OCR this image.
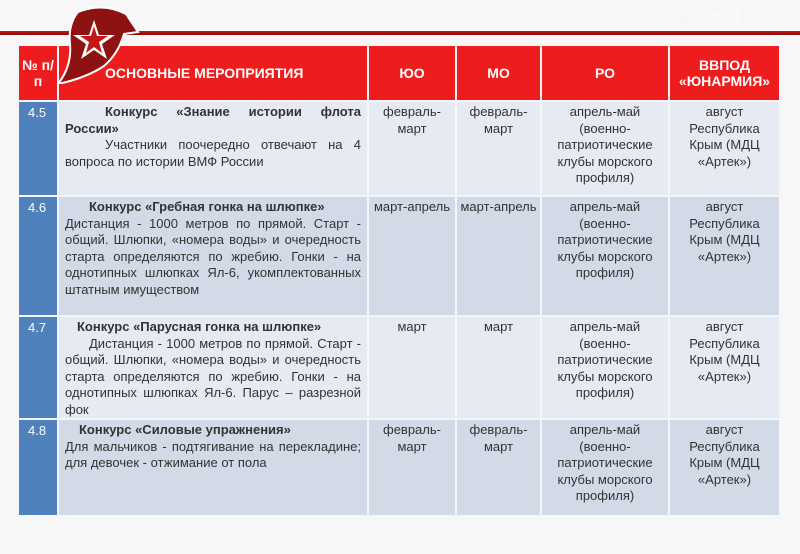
юнармия.рф
№ п/п	ОСНОВНЫЕ МЕРОПРИЯТИЯ	ЮО	МО	РО	ВВПОД «ЮНАРМИЯ»
4.5	Конкурс «Знание истории флота России»
Участники поочередно отвечают на 4 вопроса по истории ВМФ России	февраль-март	февраль-март	апрель-май (военно-патриотические клубы морского профиля)	август Республика Крым (МДЦ «Артек»)
4.6	Конкурс «Гребная гонка на шлюпке»
Дистанция - 1000 метров по прямой. Старт - общий. Шлюпки, «номера воды» и очередность старта определяются по жребию. Гонки - на однотипных шлюпках Ял-6, укомплектованных штатным имуществом	март-апрель	март-апрель	апрель-май (военно-патриотические клубы морского профиля)	август Республика Крым (МДЦ «Артек»)
4.7	Конкурс «Парусная гонка на шлюпке»
Дистанция - 1000 метров по прямой. Старт - общий. Шлюпки, «номера воды» и очередность старта определяются по жребию. Гонки - на однотипных шлюпках Ял-6. Парус – разрезной фок	март	март	апрель-май (военно-патриотические клубы морского профиля)	август Республика Крым (МДЦ «Артек»)
4.8	Конкурс «Силовые упражнения»
Для мальчиков - подтягивание на перекладине; для девочек - отжимание от пола	февраль-март	февраль-март	апрель-май (военно-патриотические клубы морского профиля)	август Республика Крым (МДЦ «Артек»)
